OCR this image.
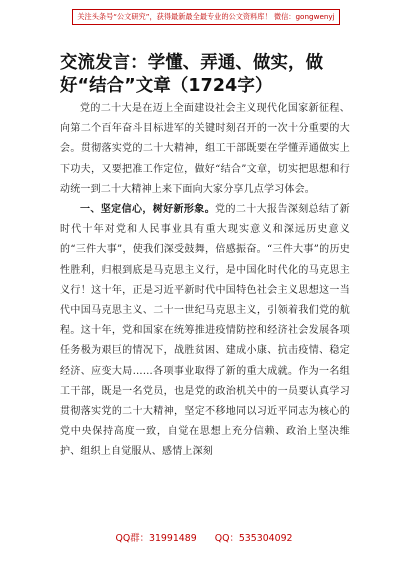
关注头条号“公文研究”，获得最新最全最专业的公文资料库！ 微信：gongwenyj
交流发言：学懂、弄通、做实，做好“结合”文章（1724字）

党的二十大是在迈上全面建设社会主义现代化国家新征程、向第二个百年奋斗目标进军的关键时刻召开的一次十分重要的大会。贯彻落实党的二十大精神，组工干部既要在学懂弄通做实上下功夫，又要把准工作定位，做好“结合”文章，切实把思想和行动统一到二十大精神上来下面向大家分享几点学习体会。

一、坚定信心，树好新形象。党的二十大报告深刻总结了新时代十年对党和人民事业具有重大现实意义和深远历史意义的“三件大事”，使我们深受鼓舞，倍感振奋。“三件大事”的历史性胜利，归根到底是马克思主义行，是中国化时代化的马克思主义行！这十年，正是习近平新时代中国特色社会主义思想这一当代中国马克思主义、二十一世纪马克思主义，引领着我们党的航程。这十年，党和国家在统筹推进疫情防控和经济社会发展各项任务极为艰巨的情况下，战胜贫困、建成小康、抗击疫情、稳定经济、应变大局……各项事业取得了新的重大成就。作为一名组工干部，既是一名党员，也是党的政治机关中的一员要认真学习贯彻落实党的二十大精神，坚定不移地同以习近平同志为核心的党中央保持高度一致，自觉在思想上充分信赖、政治上坚决维护、组织上自觉服从、感情上深刻

QQ群：31991489 QQ：535304092
